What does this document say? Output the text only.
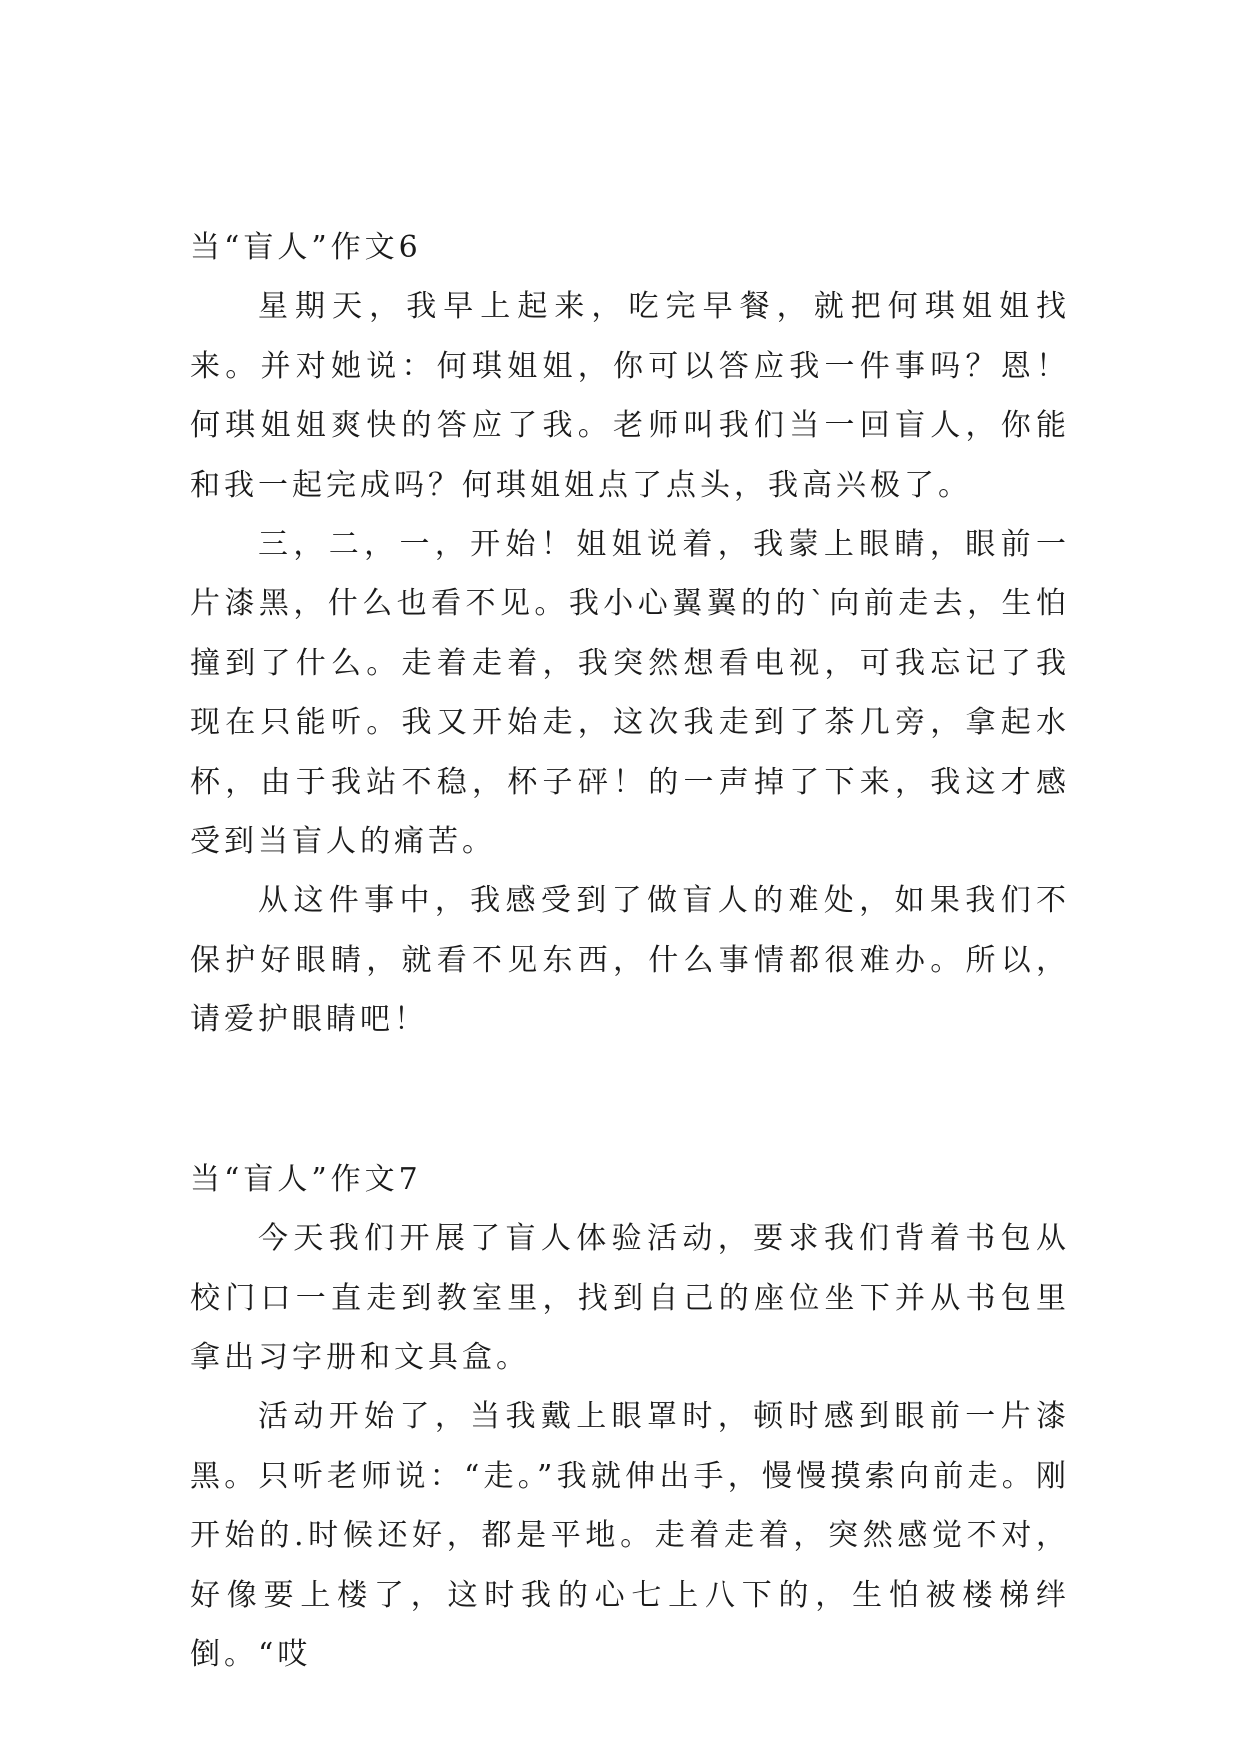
当“盲人”作文6

星期天，我早上起来，吃完早餐，就把何琪姐姐找来。并对她说：何琪姐姐，你可以答应我一件事吗？恩！何琪姐姐爽快的答应了我。老师叫我们当一回盲人，你能和我一起完成吗？何琪姐姐点了点头，我高兴极了。

三，二，一，开始！姐姐说着，我蒙上眼睛，眼前一片漆黑，什么也看不见。我小心翼翼的的`向前走去，生怕撞到了什么。走着走着，我突然想看电视，可我忘记了我现在只能听。我又开始走，这次我走到了茶几旁，拿起水杯，由于我站不稳，杯子砰！的一声掉了下来，我这才感受到当盲人的痛苦。

从这件事中，我感受到了做盲人的难处，如果我们不保护好眼睛，就看不见东西，什么事情都很难办。所以，请爱护眼睛吧！

当“盲人”作文7

今天我们开展了盲人体验活动，要求我们背着书包从校门口一直走到教室里，找到自己的座位坐下并从书包里拿出习字册和文具盒。

活动开始了，当我戴上眼罩时，顿时感到眼前一片漆黑。只听老师说：“走。”我就伸出手，慢慢摸索向前走。刚开始的.时候还好，都是平地。走着走着，突然感觉不对，好像要上楼了，这时我的心七上八下的，生怕被楼梯绊倒。“哎
